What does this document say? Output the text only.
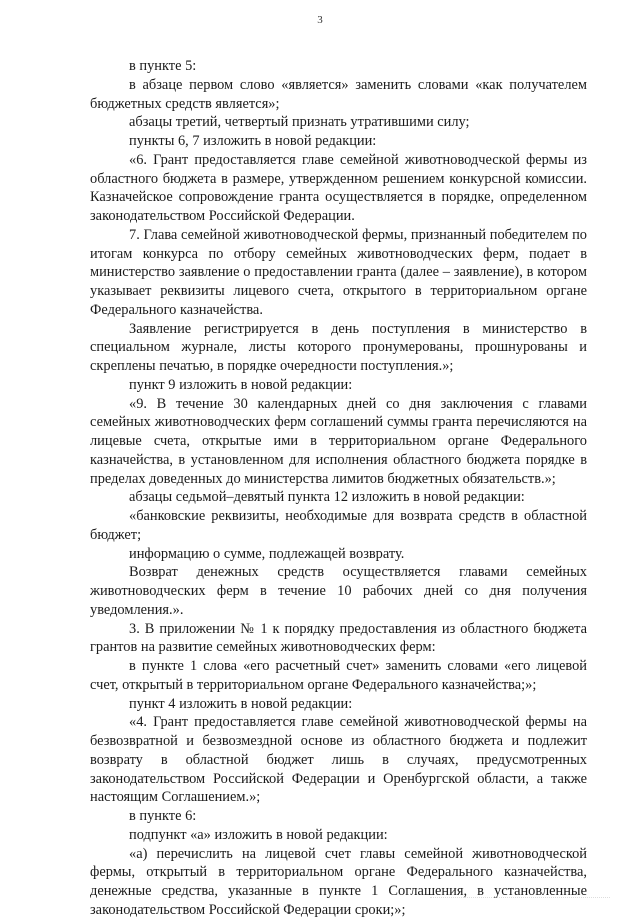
3

в пункте 5:

в абзаце первом слово «является» заменить словами «как получателем бюджетных средств является»;

абзацы третий, четвертый признать утратившими силу;

пункты 6, 7 изложить в новой редакции:

«6. Грант предоставляется главе семейной животноводческой фермы из областного бюджета в размере, утвержденном решением конкурсной комиссии. Казначейское сопровождение гранта осуществляется в порядке, определенном законодательством Российской Федерации.

7. Глава семейной животноводческой фермы, признанный победителем по итогам конкурса по отбору семейных животноводческих ферм, подает в министерство заявление о предоставлении гранта (далее – заявление), в котором указывает реквизиты лицевого счета, открытого в территориальном органе Федерального казначейства.

Заявление регистрируется в день поступления в министерство в специальном журнале, листы которого пронумерованы, прошнурованы и скреплены печатью, в порядке очередности поступления.»;

пункт 9 изложить в новой редакции:

«9. В течение 30 календарных дней со дня заключения с главами семейных животноводческих ферм соглашений суммы гранта перечисляются на лицевые счета, открытые ими в территориальном органе Федерального казначейства, в установленном для исполнения областного бюджета порядке в пределах доведенных до министерства лимитов бюджетных обязательств.»;

абзацы седьмой–девятый пункта 12 изложить в новой редакции:

«банковские реквизиты, необходимые для возврата средств в областной бюджет;

информацию о сумме, подлежащей возврату.

Возврат денежных средств осуществляется главами семейных животноводческих ферм в течение 10 рабочих дней со дня получения уведомления.».

3. В приложении № 1 к порядку предоставления из областного бюджета грантов на развитие семейных животноводческих ферм:

в пункте 1 слова «его расчетный счет» заменить словами «его лицевой счет, открытый в территориальном органе Федерального казначейства;»;

пункт 4 изложить в новой редакции:

«4. Грант предоставляется главе семейной животноводческой фермы на безвозвратной и безвозмездной основе из областного бюджета и подлежит возврату в областной бюджет лишь в случаях, предусмотренных законодательством Российской Федерации и Оренбургской области, а также настоящим Соглашением.»;

в пункте 6:

подпункт «а» изложить в новой редакции:

«а) перечислить на лицевой счет главы семейной животноводческой фермы, открытый в территориальном органе Федерального казначейства, денежные средства, указанные в пункте 1 Соглашения, в установленные законодательством Российской Федерации сроки;»;
